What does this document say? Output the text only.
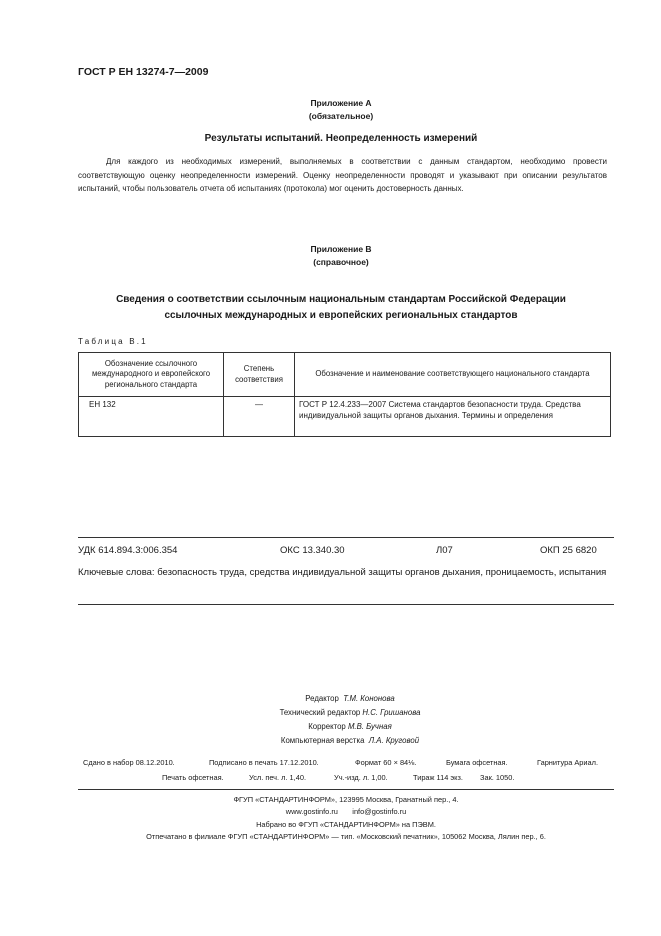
ГОСТ Р ЕН 13274-7—2009
Приложение А
(обязательное)
Результаты испытаний. Неопределенность измерений
Для каждого из необходимых измерений, выполняемых в соответствии с данным стандартом, необходимо провести соответствующую оценку неопределенности измерений. Оценку неопределенности проводят и указывают при описании результатов испытаний, чтобы пользователь отчета об испытаниях (протокола) мог оценить достоверность данных.
Приложение В
(справочное)
Сведения о соответствии ссылочным национальным стандартам Российской Федерации
ссылочных международных и европейских региональных стандартов
Таблица В.1
Обозначение ссылочного международного и европейского регионального стандарта	Степень соответствия	Обозначение и наименование соответствующего национального стандарта
ЕН 132	—	ГОСТ Р 12.4.233—2007 Система стандартов безопасности труда. Средства индивидуальной защиты органов дыхания. Термины и определения
УДК 614.894.3:006.354	ОКС 13.340.30	Л07	ОКП 25 6820
Ключевые слова: безопасность труда, средства индивидуальной защиты органов дыхания, проницаемость, испытания
Редактор Т.М. Кононова
Технический редактор Н.С. Гришанова
Корректор М.В. Бучная
Компьютерная верстка Л.А. Круговой
Сдано в набор 08.12.2010.	Подписано в печать 17.12.2010.	Формат 60 × 84⅛.	Бумага офсетная.	Гарнитура Ариал.
Печать офсетная.	Усл. печ. л. 1,40.	Уч.-изд. л. 1,00.	Тираж 114 экз. Зак. 1050.
ФГУП «СТАНДАРТИНФОРМ», 123995 Москва, Гранатный пер., 4.
www.gostinfo.ru info@gostinfo.ru
Набрано во ФГУП «СТАНДАРТИНФОРМ» на ПЭВМ.
Отпечатано в филиале ФГУП «СТАНДАРТИНФОРМ» — тип. «Московский печатник», 105062 Москва, Лялин пер., 6.
